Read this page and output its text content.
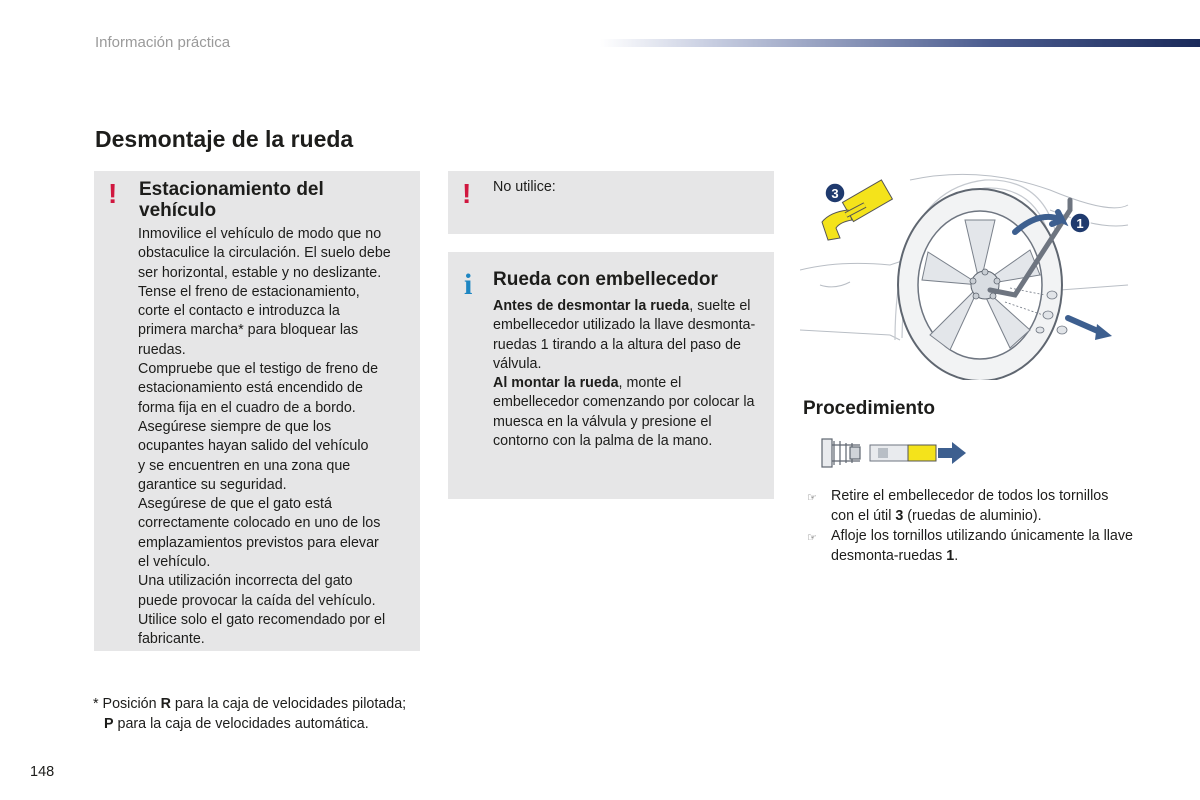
Información práctica
Desmontaje de la rueda
! Estacionamiento del
vehículo
Inmovilice el vehículo de modo que no
obstaculice la circulación. El suelo debe
ser horizontal, estable y no deslizante.
Tense el freno de estacionamiento,
corte el contacto e introduzca la
primera marcha* para bloquear las
ruedas.
Compruebe que el testigo de freno de
estacionamiento está encendido de
forma fija en el cuadro de a bordo.
Asegúrese siempre de que los
ocupantes hayan salido del vehículo
y se encuentren en una zona que
garantice su seguridad.
Asegúrese de que el gato está
correctamente colocado en uno de los
emplazamientos previstos para elevar
el vehículo.
Una utilización incorrecta del gato
puede provocar la caída del vehículo.
Utilice solo el gato recomendado por el
fabricante.
* Posición R para la caja de velocidades pilotada; P para la caja de velocidades automática.
148
! No utilice:
i Rueda con embellecedor
Antes de desmontar la rueda, suelte el embellecedor utilizado la llave desmonta-ruedas 1 tirando a la altura del paso de válvula.
Al montar la rueda, monte el embellecedor comenzando por colocar la muesca en la válvula y presione el contorno con la palma de la mano.
3
1
Procedimiento
☞ Retire el embellecedor de todos los tornillos con el útil 3 (ruedas de aluminio).
☞ Afloje los tornillos utilizando únicamente la llave desmonta-ruedas 1.
